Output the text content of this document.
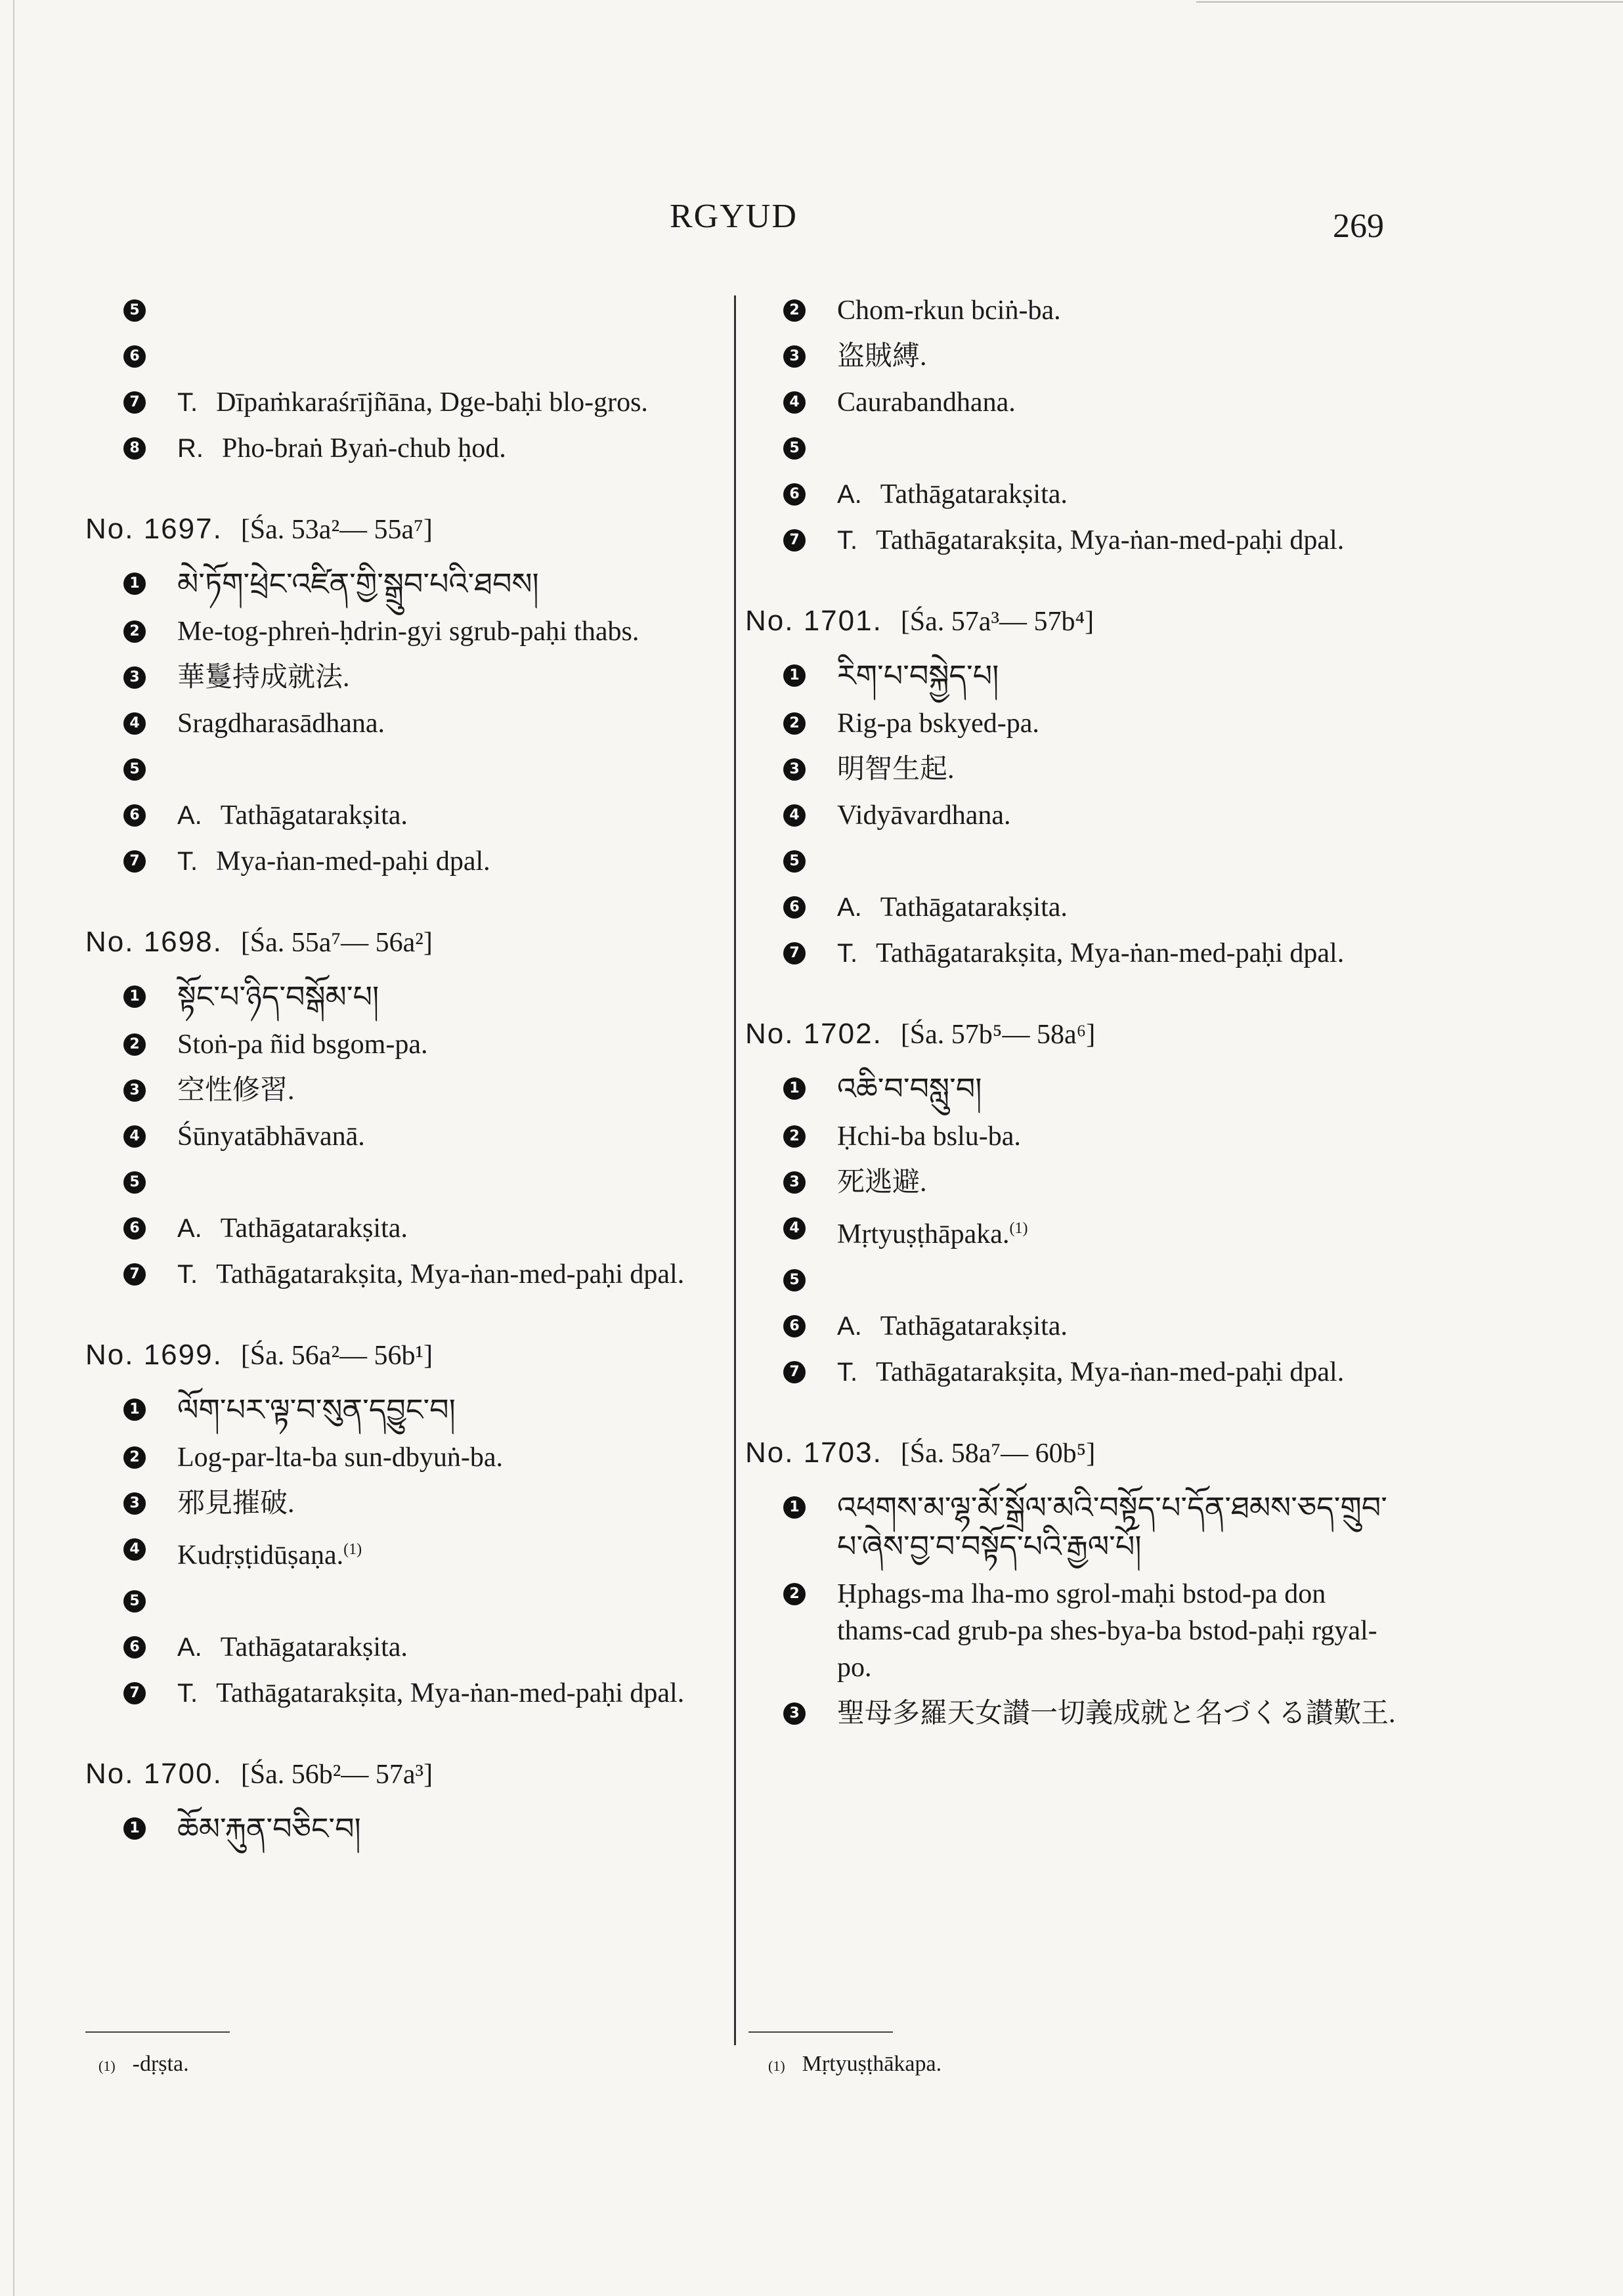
RGYUD	269
5
6
7 T. Dīpaṁkaraśrījñāna, Dge-baḥi blo-gros.
8 R. Pho-braṅ Byaṅ-chub ḥod.
No. 1697. [Śa. 53a²— 55a⁷]
1 མེ་ཏོག་ཕྲེང་འཛིན་གྱི་སྒྲུབ་པའི་ཐབས།
2 Me-tog-phreṅ-ḥdrin-gyi sgrub-paḥi thabs.
3 華鬘持成就法.
4 Sragdharasādhana.
5
6 A. Tathāgatarakṣita.
7 T. Mya-ṅan-med-paḥi dpal.
No. 1698. [Śa. 55a⁷— 56a²]
1 སྟོང་པ་ཉིད་བསྒོམ་པ།
2 Stoṅ-pa ñid bsgom-pa.
3 空性修習.
4 Śūnyatābhāvanā.
5
6 A. Tathāgatarakṣita.
7 T. Tathāgatarakṣita, Mya-ṅan-med-paḥi dpal.
No. 1699. [Śa. 56a²— 56b¹]
1 ལོག་པར་ལྟ་བ་སུན་དབྱུང་བ།
2 Log-par-lta-ba sun-dbyuṅ-ba.
3 邪見摧破.
4 Kudṛṣṭidūṣaṇa.$^{(1)}$
5
6 A. Tathāgatarakṣita.
7 T. Tathāgatarakṣita, Mya-ṅan-med-paḥi dpal.
No. 1700. [Śa. 56b²— 57a³]
1 ཆོམ་རྐུན་བཅིང་བ།
2 Chom-rkun bciṅ-ba.
3 盗賊縛.
4 Caurabandhana.
5
6 A. Tathāgatarakṣita.
7 T. Tathāgatarakṣita, Mya-ṅan-med-paḥi dpal.
No. 1701. [Śa. 57a³— 57b⁴]
1 རིག་པ་བསྐྱེད་པ།
2 Rig-pa bskyed-pa.
3 明智生起.
4 Vidyāvardhana.
5
6 A. Tathāgatarakṣita.
7 T. Tathāgatarakṣita, Mya-ṅan-med-paḥi dpal.
No. 1702. [Śa. 57b⁵— 58a⁶]
1 འཆི་བ་བསླུ་བ།
2 Ḥchi-ba bslu-ba.
3 死逃避.
4 Mṛtyuṣṭhāpaka.$^{(1)}$
5
6 A. Tathāgatarakṣita.
7 T. Tathāgatarakṣita, Mya-ṅan-med-paḥi dpal.
No. 1703. [Śa. 58a⁷— 60b⁵]
1 འཕགས་མ་ལྷ་མོ་སྒྲོལ་མའི་བསྟོད་པ་དོན་ཐམས་ཅད་གྲུབ་པ་ཞེས་བྱ་བ་བསྟོད་པའི་རྒྱལ་པོ།
2 Ḥphags-ma lha-mo sgrol-maḥi bstod-pa don thams-cad grub-pa shes-bya-ba bstod-paḥi rgyal-po.
3 聖母多羅天女讃一切義成就と名づくる讃歎王.
(1) -dṛṣta.	(1) Mṛtyuṣṭhākapa.
